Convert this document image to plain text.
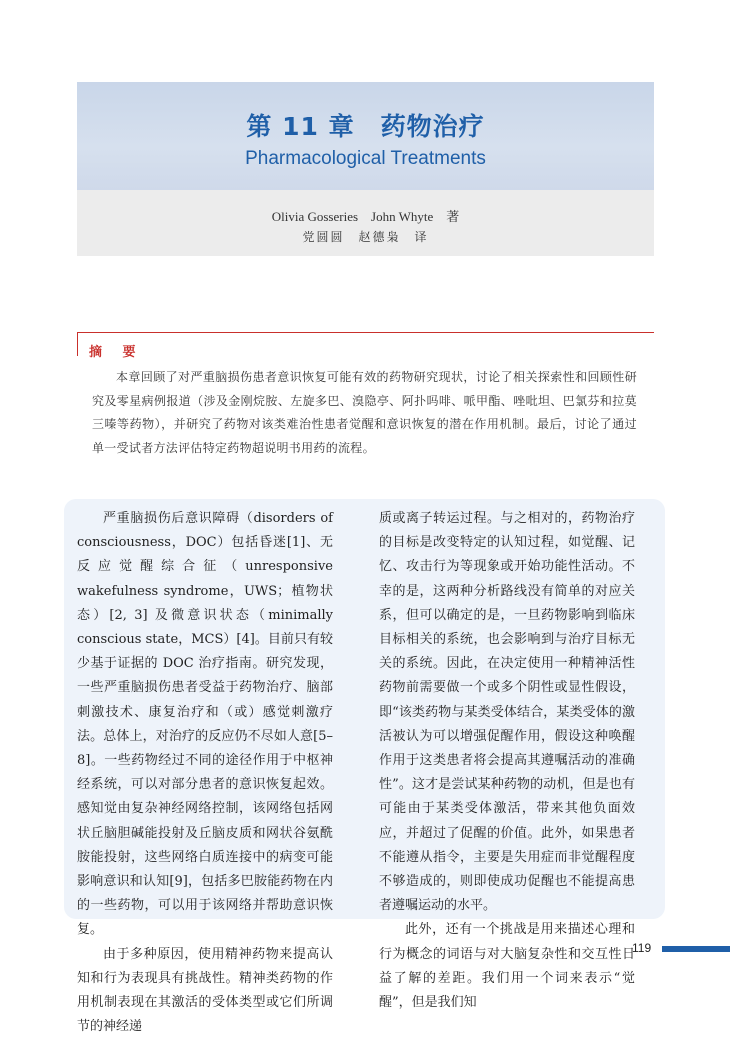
第 11 章　药物治疗
Pharmacological Treatments
Olivia Gosseries　John Whyte　著
党圆圆　赵德枭　译
摘 要
本章回顾了对严重脑损伤患者意识恢复可能有效的药物研究现状，讨论了相关探索性和回顾性研究及零星病例报道（涉及金刚烷胺、左旋多巴、溴隐亭、阿扑吗啡、哌甲酯、唑吡坦、巴氯芬和拉莫三嗪等药物），并研究了药物对该类难治性患者觉醒和意识恢复的潜在作用机制。最后，讨论了通过单一受试者方法评估特定药物超说明书用药的流程。

严重脑损伤后意识障碍（disorders of consciousness，DOC）包括昏迷[1]、无反应觉醒综合征（unresponsive wakefulness syndrome，UWS；植物状态）[2, 3] 及微意识状态（minimally conscious state，MCS）[4]。目前只有较少基于证据的 DOC 治疗指南。研究发现，一些严重脑损伤患者受益于药物治疗、脑部刺激技术、康复治疗和（或）感觉刺激疗法。总体上，对治疗的反应仍不尽如人意[5–8]。一些药物经过不同的途径作用于中枢神经系统，可以对部分患者的意识恢复起效。感知觉由复杂神经网络控制，该网络包括网状丘脑胆碱能投射及丘脑皮质和网状谷氨酰胺能投射，这些网络白质连接中的病变可能影响意识和认知[9]，包括多巴胺能药物在内的一些药物，可以用于该网络并帮助意识恢复。

由于多种原因，使用精神药物来提高认知和行为表现具有挑战性。精神类药物的作用机制表现在其激活的受体类型或它们所调节的神经递

质或离子转运过程。与之相对的，药物治疗的目标是改变特定的认知过程，如觉醒、记忆、攻击行为等现象或开始功能性活动。不幸的是，这两种分析路线没有简单的对应关系，但可以确定的是，一旦药物影响到临床目标相关的系统，也会影响到与治疗目标无关的系统。因此，在决定使用一种精神活性药物前需要做一个或多个阴性或显性假设，即“该类药物与某类受体结合，某类受体的激活被认为可以增强促醒作用，假设这种唤醒作用于这类患者将会提高其遵嘱活动的准确性”。这才是尝试某种药物的动机，但是也有可能由于某类受体激活，带来其他负面效应，并超过了促醒的价值。此外，如果患者不能遵从指令，主要是失用症而非觉醒程度不够造成的，则即使成功促醒也不能提高患者遵嘱运动的水平。

此外，还有一个挑战是用来描述心理和行为概念的词语与对大脑复杂性和交互性日益了解的差距。我们用一个词来表示“觉醒”，但是我们知

119
